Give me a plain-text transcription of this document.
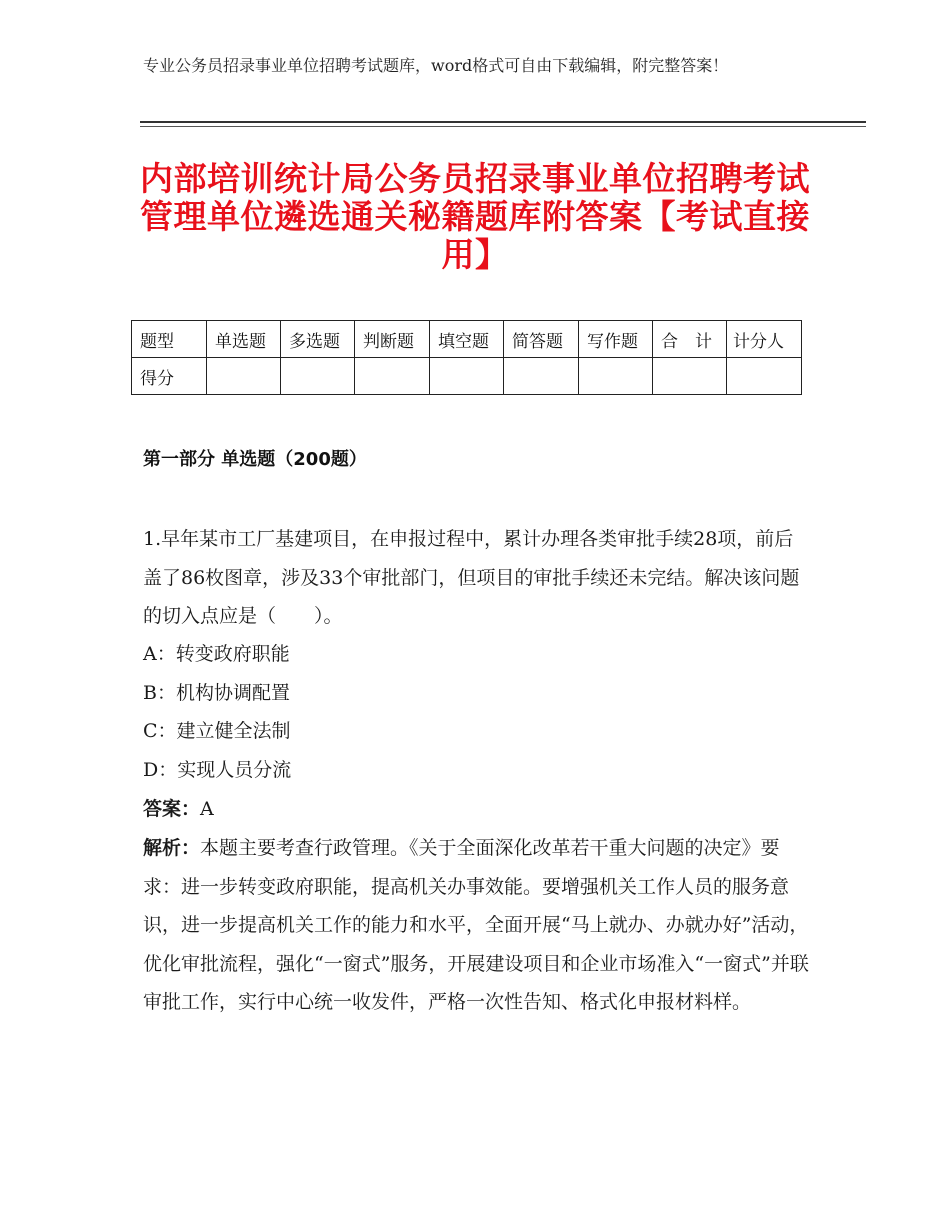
专业公务员招录事业单位招聘考试题库，word格式可自由下载编辑，附完整答案！
内部培训统计局公务员招录事业单位招聘考试管理单位遴选通关秘籍题库附答案【考试直接用】
题型	单选题	多选题	判断题	填空题	简答题	写作题	合　计	计分人
得分								
第一部分 单选题（200题）
1.早年某市工厂基建项目，在申报过程中，累计办理各类审批手续28项，前后盖了86枚图章，涉及33个审批部门，但项目的审批手续还未完结。解决该问题的切入点应是（　　）。
A：转变政府职能
B：机构协调配置
C：建立健全法制
D：实现人员分流
答案：A
解析：本题主要考查行政管理。《关于全面深化改革若干重大问题的决定》要求：进一步转变政府职能，提高机关办事效能。要增强机关工作人员的服务意识，进一步提高机关工作的能力和水平，全面开展“马上就办、办就办好”活动，优化审批流程，强化“一窗式”服务，开展建设项目和企业市场准入“一窗式”并联审批工作，实行中心统一收发件，严格一次性告知、格式化申报材料样。
